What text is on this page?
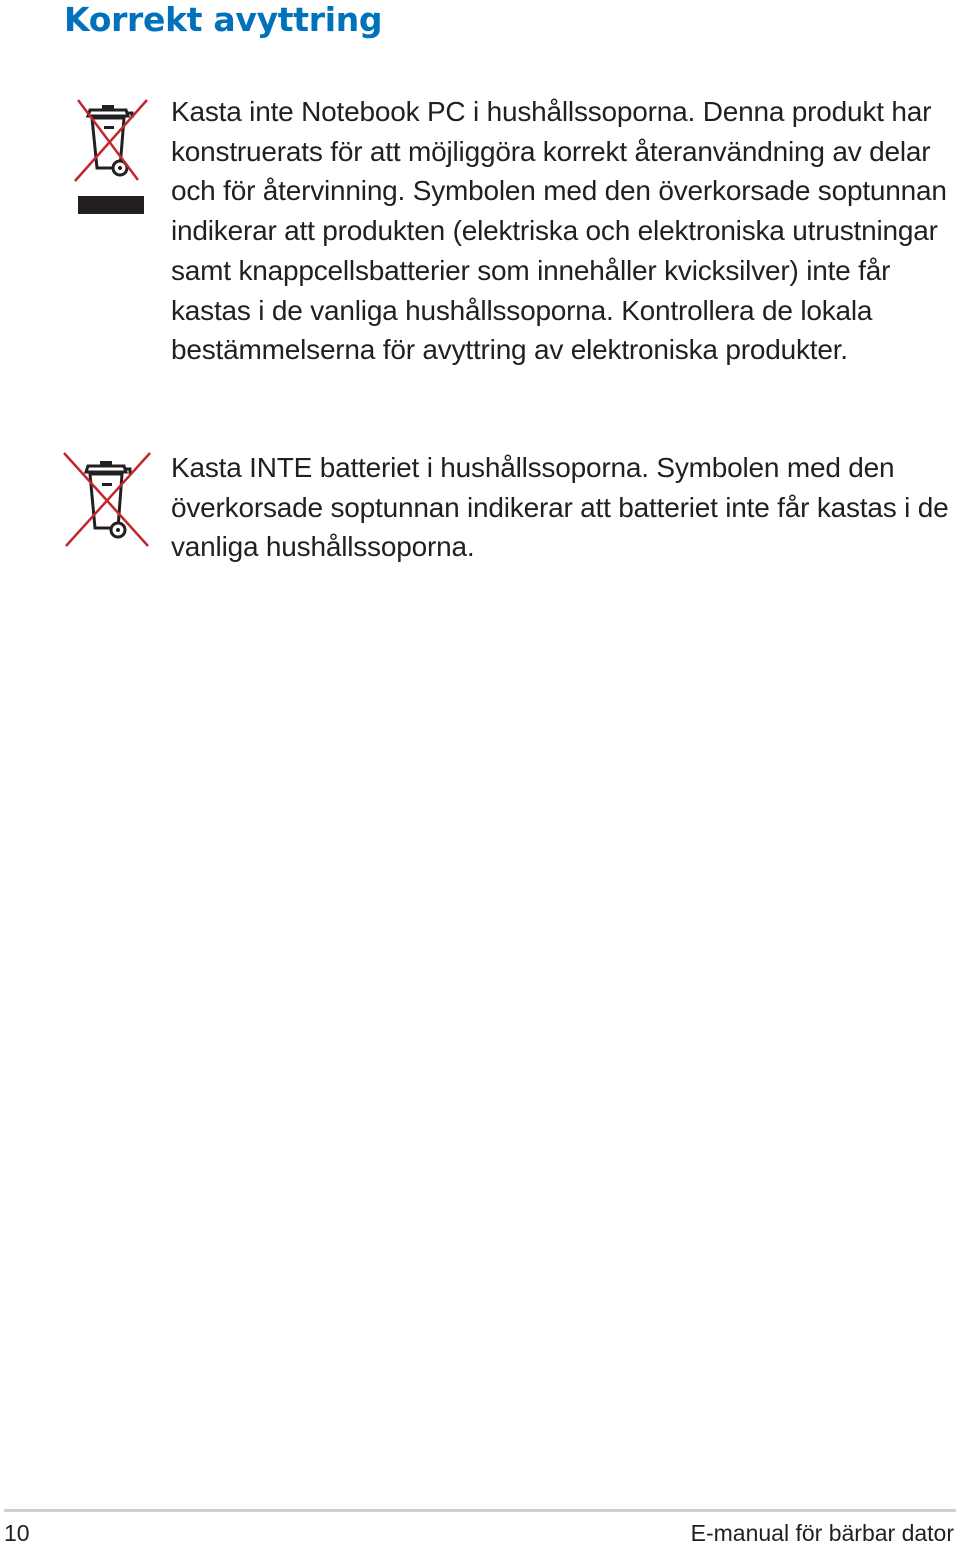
Korrekt avyttring

Kasta inte Notebook PC i hushållssoporna. Denna produkt har konstruerats för att möjliggöra korrekt återanvändning av delar och för återvinning. Symbolen med den överkorsade soptunnan indikerar att produkten (elektriska och elektroniska utrustningar samt knappcellsbatterier som innehåller kvicksilver) inte får kastas i de vanliga hushållssoporna. Kontrollera de lokala bestämmelserna för avyttring av elektroniska produkter.

Kasta INTE batteriet i hushållssoporna. Symbolen med den överkorsade soptunnan indikerar att batteriet inte får kastas i de vanliga hushållssoporna.

10	E-manual för bärbar dator
